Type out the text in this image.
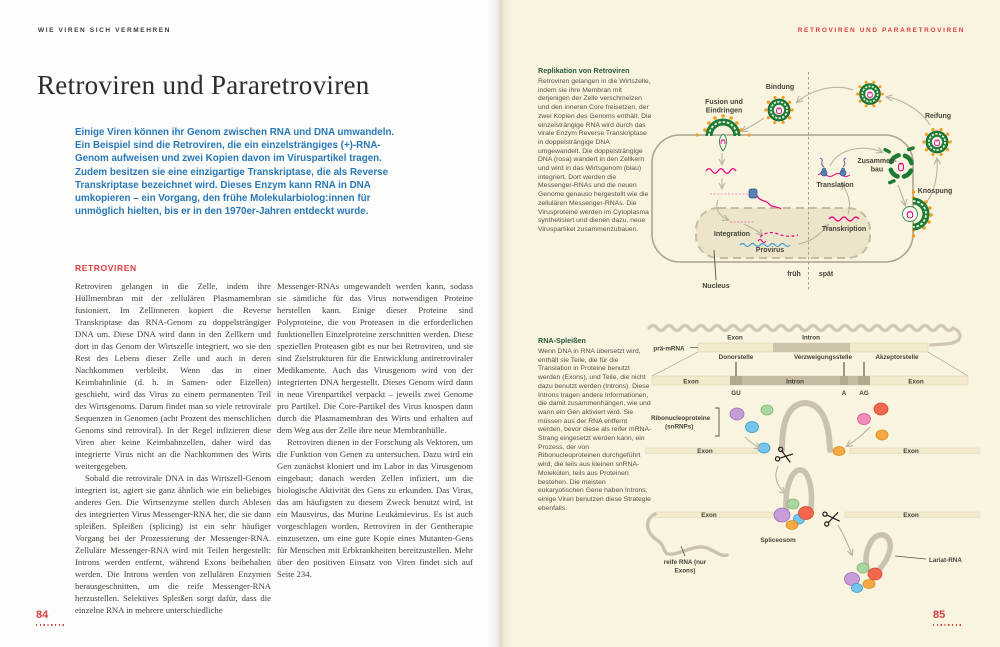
WIE VIREN SICH VERMEHREN
Retroviren und Pararetroviren

Einige Viren können ihr Genom zwischen RNA und DNA umwandeln. Ein Beispiel sind die Retroviren, die ein einzelsträngiges (+)-RNA-Genom aufweisen und zwei Kopien davon im Viruspartikel tragen. Zudem besitzen sie eine einzigartige Transkriptase, die als Reverse Transkriptase bezeichnet wird. Dieses Enzym kann RNA in DNA umkopieren – ein Vorgang, den frühe Molekularbiolog:innen für unmöglich hielten, bis er in den 1970er-Jahren entdeckt wurde.

RETROVIREN

Retroviren gelangen in die Zelle, indem ihre Hüllmembran mit der zellulären Plasmamembran fusioniert. Im Zellinneren kopiert die Reverse Transkriptase das RNA-Genom zu doppelsträngiger DNA um. Diese DNA wird dann in den Zellkern und dort in das Genom der Wirtszelle integriert, wo sie den Rest des Lebens dieser Zelle und auch in deren Nachkommen verbleibt. Wenn das in einer Keimbahnlinie (d. h. in Samen- oder Eizellen) geschieht, wird das Virus zu einem permanenten Teil des Wirtsgenoms. Darum findet man so viele retrovirale Sequenzen in Genomen (acht Prozent des menschlichen Genoms sind retroviral). In der Regel infizieren diese Viren aber keine Keimbahnzellen, daher wird das integrierte Virus nicht an die Nachkommen des Wirts weitergegeben.

Sobald die retrovirale DNA in das Wirtszell-Genom integriert ist, agiert sie ganz ähnlich wie ein beliebiges anderes Gen. Die Wirtsenzyme stellen durch Ablesen des integrierten Virus Messenger-RNA her, die sie dann spleißen. Spleißen (splicing) ist ein sehr häufiger Vorgang bei der Prozessierung der Messenger-RNA. Zelluläre Messenger-RNA wird mit Teilen hergestellt: Introns werden entfernt, während Exons beibehalten werden. Die Introns werden von zellulären Enzymen herausgeschnitten, um die reife Messenger-RNA herzustellen. Selektives Spleißen sorgt dafür, dass die einzelne RNA in mehrere unterschiedliche

Messenger-RNAs umgewandelt werden kann, sodass sie sämtliche für das Virus notwendigen Proteine herstellen kann. Einige dieser Proteine sind Polyproteine, die von Proteasen in die erforderlichen funktionellen Einzelproteine zerschnitten werden. Diese speziellen Proteasen gibt es nur bei Retroviren, und sie sind Zielstrukturen für die Entwicklung antiretroviraler Medikamente. Auch das Virusgenom wird von der integrierten DNA hergestellt. Dieses Genom wird dann in neue Virenpartikel verpackt – jeweils zwei Genome pro Partikel. Die Core-Partikel des Virus knospen dann durch die Plasmamembran des Wirts und erhalten auf dem Weg aus der Zelle ihre neue Membranhülle.

Retroviren dienen in der Forschung als Vektoren, um die Funktion von Genen zu untersuchen. Dazu wird ein Gen zunächst kloniert und im Labor in das Virusgenom eingebaut; danach werden Zellen infiziert, um die biologische Aktivität des Gens zu erkunden. Das Virus, das am häufigsten zu diesem Zweck benutzt wird, ist ein Mausvirus, das Murine Leukämievirus. Es ist auch vorgeschlagen worden, Retroviren in der Gentherapie einzusetzen, um eine gute Kopie eines Mutanten-Gens für Menschen mit Erbkrankheiten bereitzustellen. Mehr über den positiven Einsatz von Viren findet sich auf Seite 234.

84
RETROVIREN UND PARARETROVIREN

Replikation von Retroviren

Retroviren gelangen in die Wirtszelle, indem sie ihre Membran mit derjenigen der Zelle verschmelzen und den inneren Core freisetzen, der zwei Kopien des Genoms enthält. Die einzelsträngige RNA wird durch das virale Enzym Reverse Transkriptase in doppelsträngige DNA umgewandelt. Die doppelsträngige DNA (rosa) wandert in den Zellkern und wird in das Wirtsgenom (blau) integriert. Dort werden die Messenger-RNAs und die neuen Genome genauso hergestellt wie die zellulären Messenger-RNAs. Die Virusproteine werden im Cytoplasma synthetisiert und dienen dazu, neue Viruspartikel zusammenzubauen.

RNA-Spleißen

Wenn DNA in RNA übersetzt wird, enthält sie Teile, die für die Translation in Proteine benutzt werden (Exons), und Teile, die nicht dazu benutzt werden (Introns). Diese Introns tragen andere Informationen, die damit zusammenhängen, wie und wann ein Gen aktiviert wird. Sie müssen aus der RNA entfernt werden, bevor diese als reifer mRNA-Strang eingesetzt werden kann, ein Prozess, der von Ribonucleoproteinen durchgeführt wird, die teils aus kleinen snRNA-Molekülen, teils aus Proteinen bestehen. Die meisten eukaryotischen Gene haben Introns; einige Viren benutzen diese Strategie ebenfalls.

Bindung
Fusion und
Eindringen
Reifung
Zusammen-
bau
Knospung
Translation
Transkription
Integration
Provirus
Nucleus
früh	spät
Exon	Intron
prä-mRNA
Donorstelle	Verzweigungsstelle	Akzeptorstelle
Exon	Intron	Exon
GU	A AG
Ribonucleoproteine
(snRNPs)
Exon	Exon
Exon	Exon
Spliceosom
reife RNA (nur
Exons)
Lariat-RNA
85
